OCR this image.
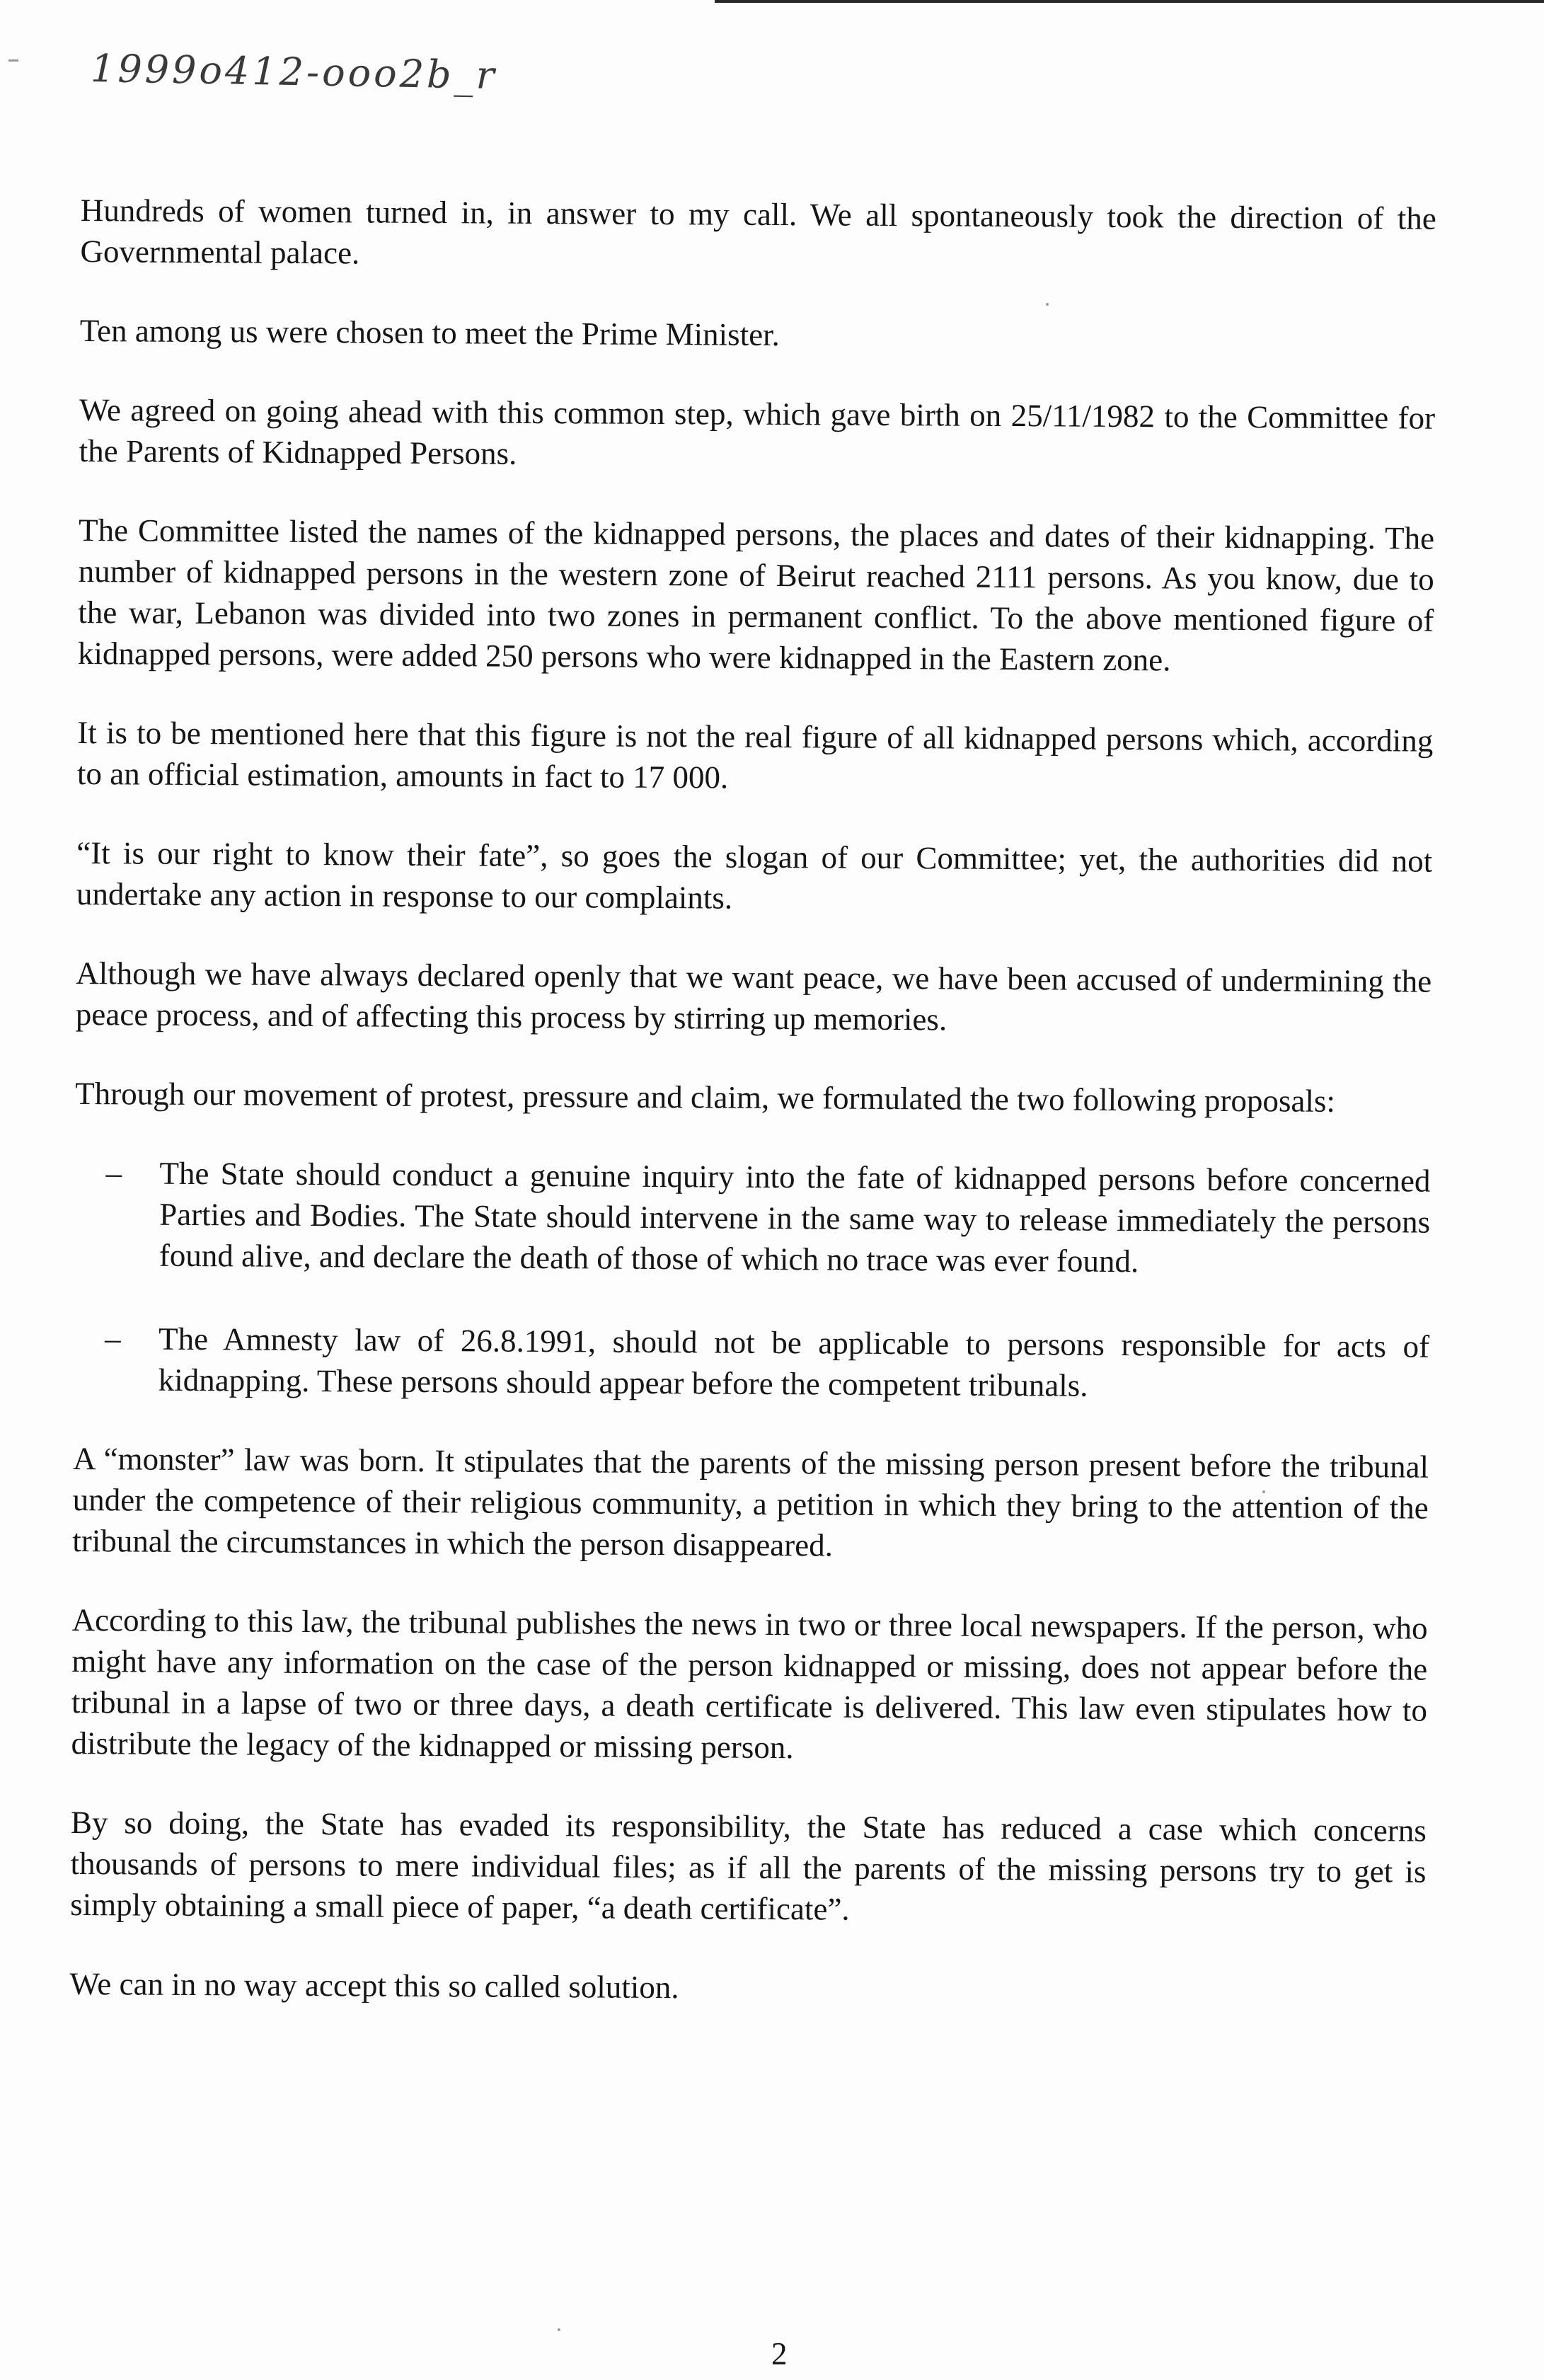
1999o412-ooo2b_r

Hundreds of women turned in, in answer to my call. We all spontaneously took the direction of the Governmental palace.

Ten among us were chosen to meet the Prime Minister.

We agreed on going ahead with this common step, which gave birth on 25/11/1982 to the Committee for the Parents of Kidnapped Persons.

The Committee listed the names of the kidnapped persons, the places and dates of their kidnapping. The number of kidnapped persons in the western zone of Beirut reached 2111 persons. As you know, due to the war, Lebanon was divided into two zones in permanent conflict. To the above mentioned figure of kidnapped persons, were added 250 persons who were kidnapped in the Eastern zone.

It is to be mentioned here that this figure is not the real figure of all kidnapped persons which, according to an official estimation, amounts in fact to 17 000.

“It is our right to know their fate”, so goes the slogan of our Committee; yet, the authorities did not undertake any action in response to our complaints.

Although we have always declared openly that we want peace, we have been accused of undermining the peace process, and of affecting this process by stirring up memories.

Through our movement of protest, pressure and claim, we formulated the two following proposals:

– The State should conduct a genuine inquiry into the fate of kidnapped persons before concerned Parties and Bodies. The State should intervene in the same way to release immediately the persons found alive, and declare the death of those of which no trace was ever found.
– The Amnesty law of 26.8.1991, should not be applicable to persons responsible for acts of kidnapping. These persons should appear before the competent tribunals.

A “monster” law was born. It stipulates that the parents of the missing person present before the tribunal under the competence of their religious community, a petition in which they bring to the attention of the tribunal the circumstances in which the person disappeared.

According to this law, the tribunal publishes the news in two or three local newspapers. If the person, who might have any information on the case of the person kidnapped or missing, does not appear before the tribunal in a lapse of two or three days, a death certificate is delivered. This law even stipulates how to distribute the legacy of the kidnapped or missing person.

By so doing, the State has evaded its responsibility, the State has reduced a case which concerns thousands of persons to mere individual files; as if all the parents of the missing persons try to get is simply obtaining a small piece of paper, “a death certificate”.

We can in no way accept this so called solution.

2
